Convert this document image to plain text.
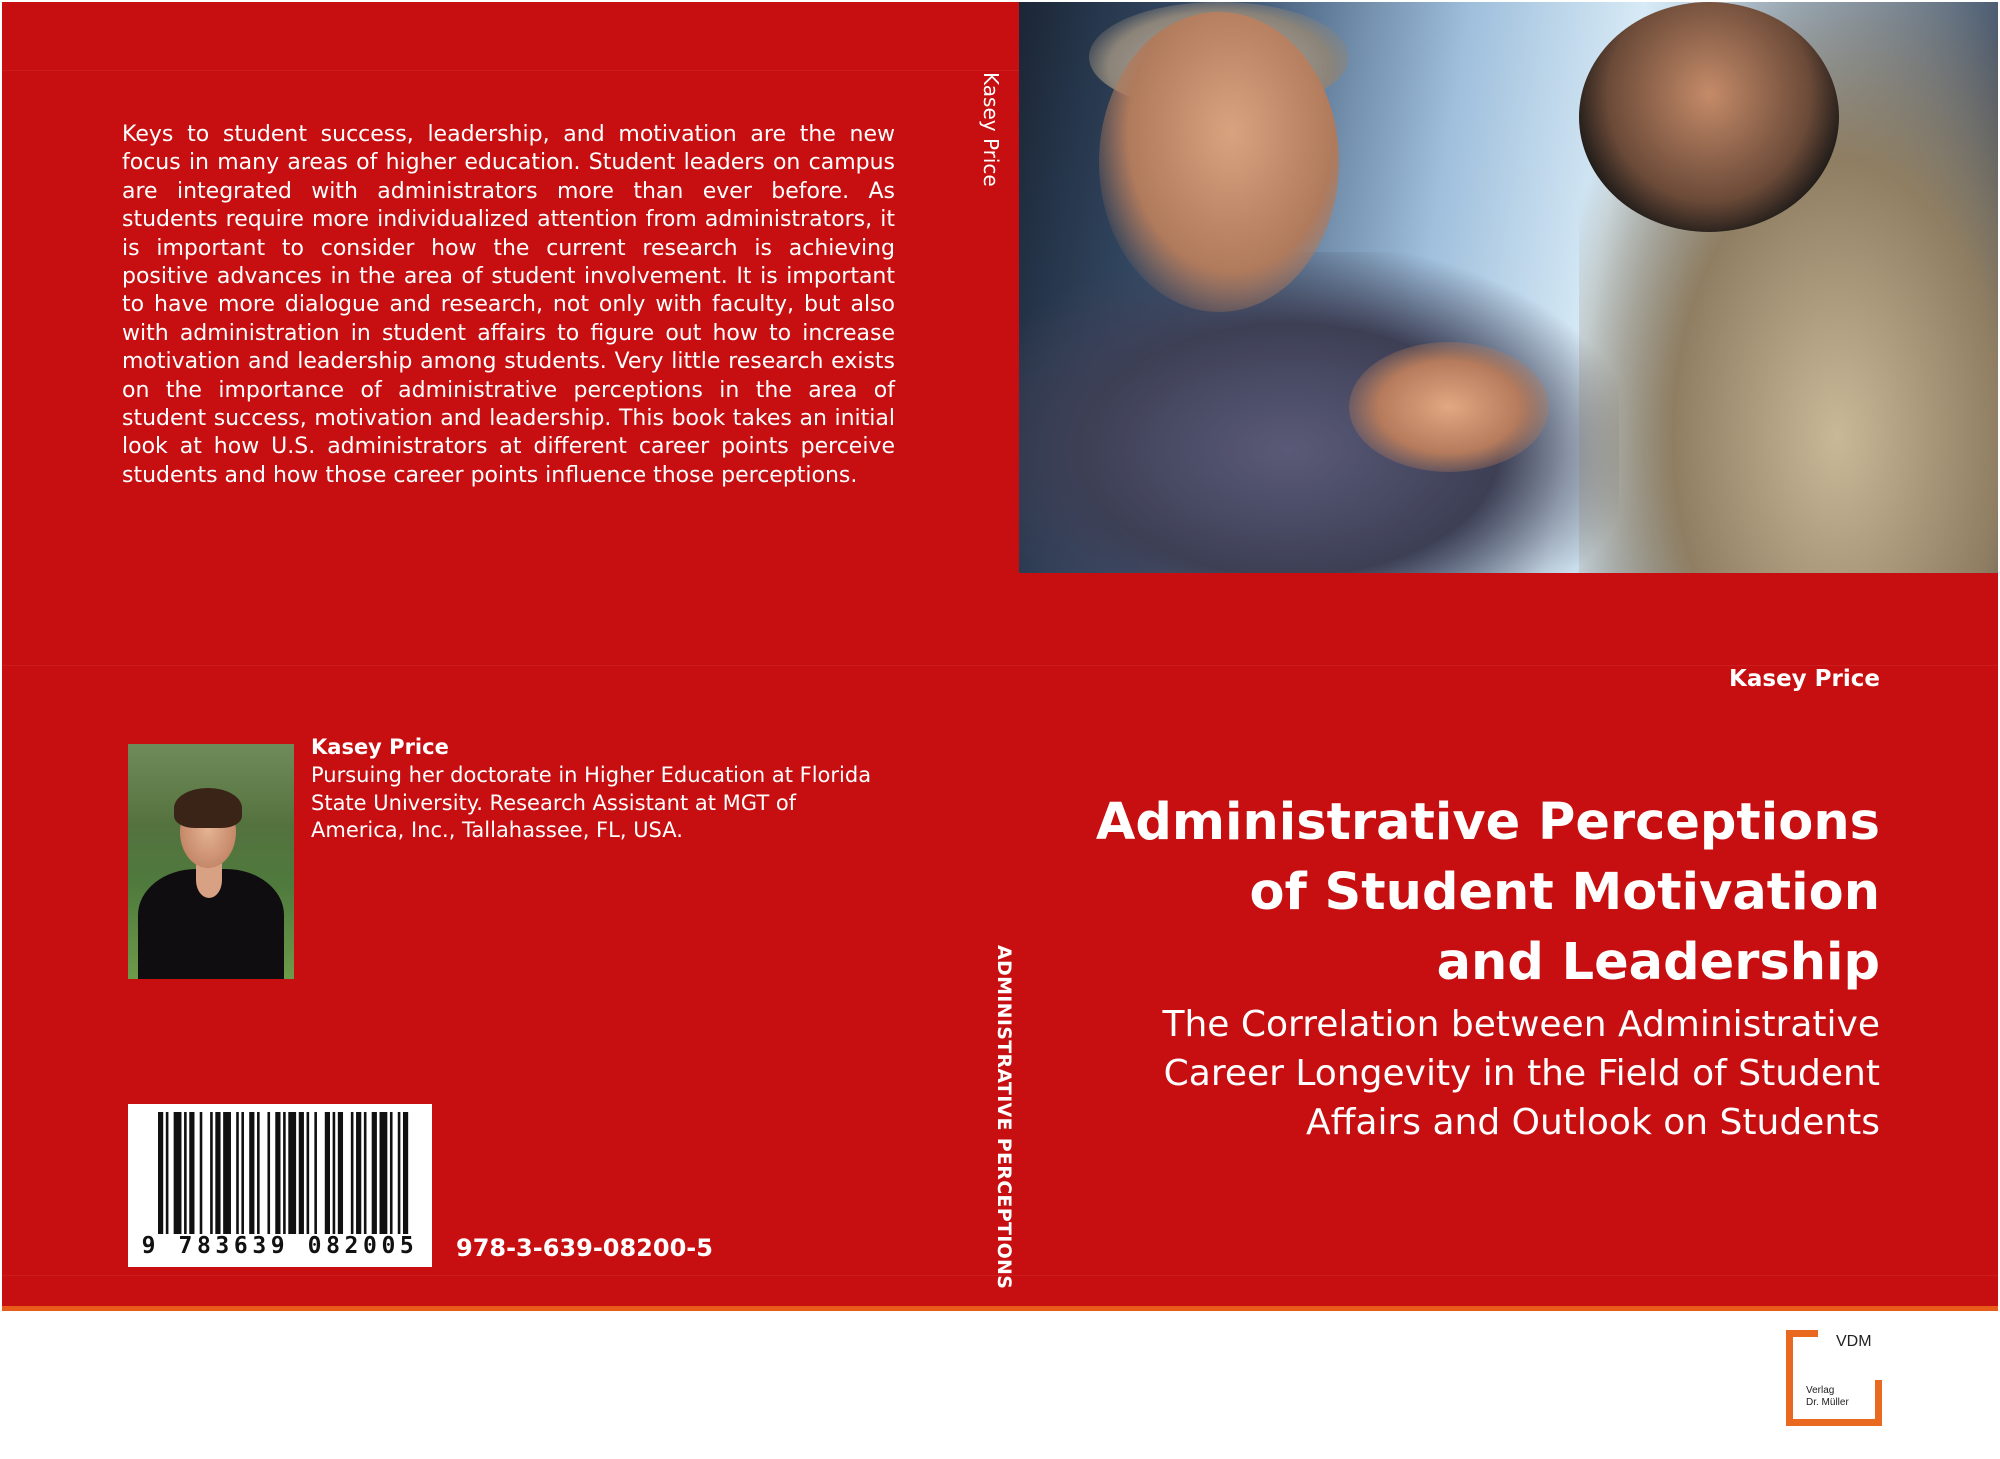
Keys to student success, leadership, and motivation are the new focus in many areas of higher education. Student leaders on campus are integrated with administrators more than ever before. As students require more individualized attention from administrators, it is important to consider how the current research is achieving positive advances in the area of student involvement. It is important to have more dialogue and research, not only with faculty, but also with administration in student affairs to figure out how to increase motivation and leadership among students. Very little research exists on the importance of administrative perceptions in the area of student success, motivation and leadership. This book takes an initial look at how U.S. administrators at different career points perceive students and how those career points influence those perceptions.
Kasey Price
Pursuing her doctorate in Higher Education at Florida State University. Research Assistant at MGT of America, Inc., Tallahassee, FL, USA.
9 783639 082005	978-3-639-08200-5
Kasey Price
ADMINISTRATIVE PERCEPTIONS
Kasey Price
Administrative Perceptions
of Student Motivation
and Leadership
The Correlation between Administrative
Career Longevity in the Field of Student
Affairs and Outlook on Students
VDM
Verlag
Dr. Müller
